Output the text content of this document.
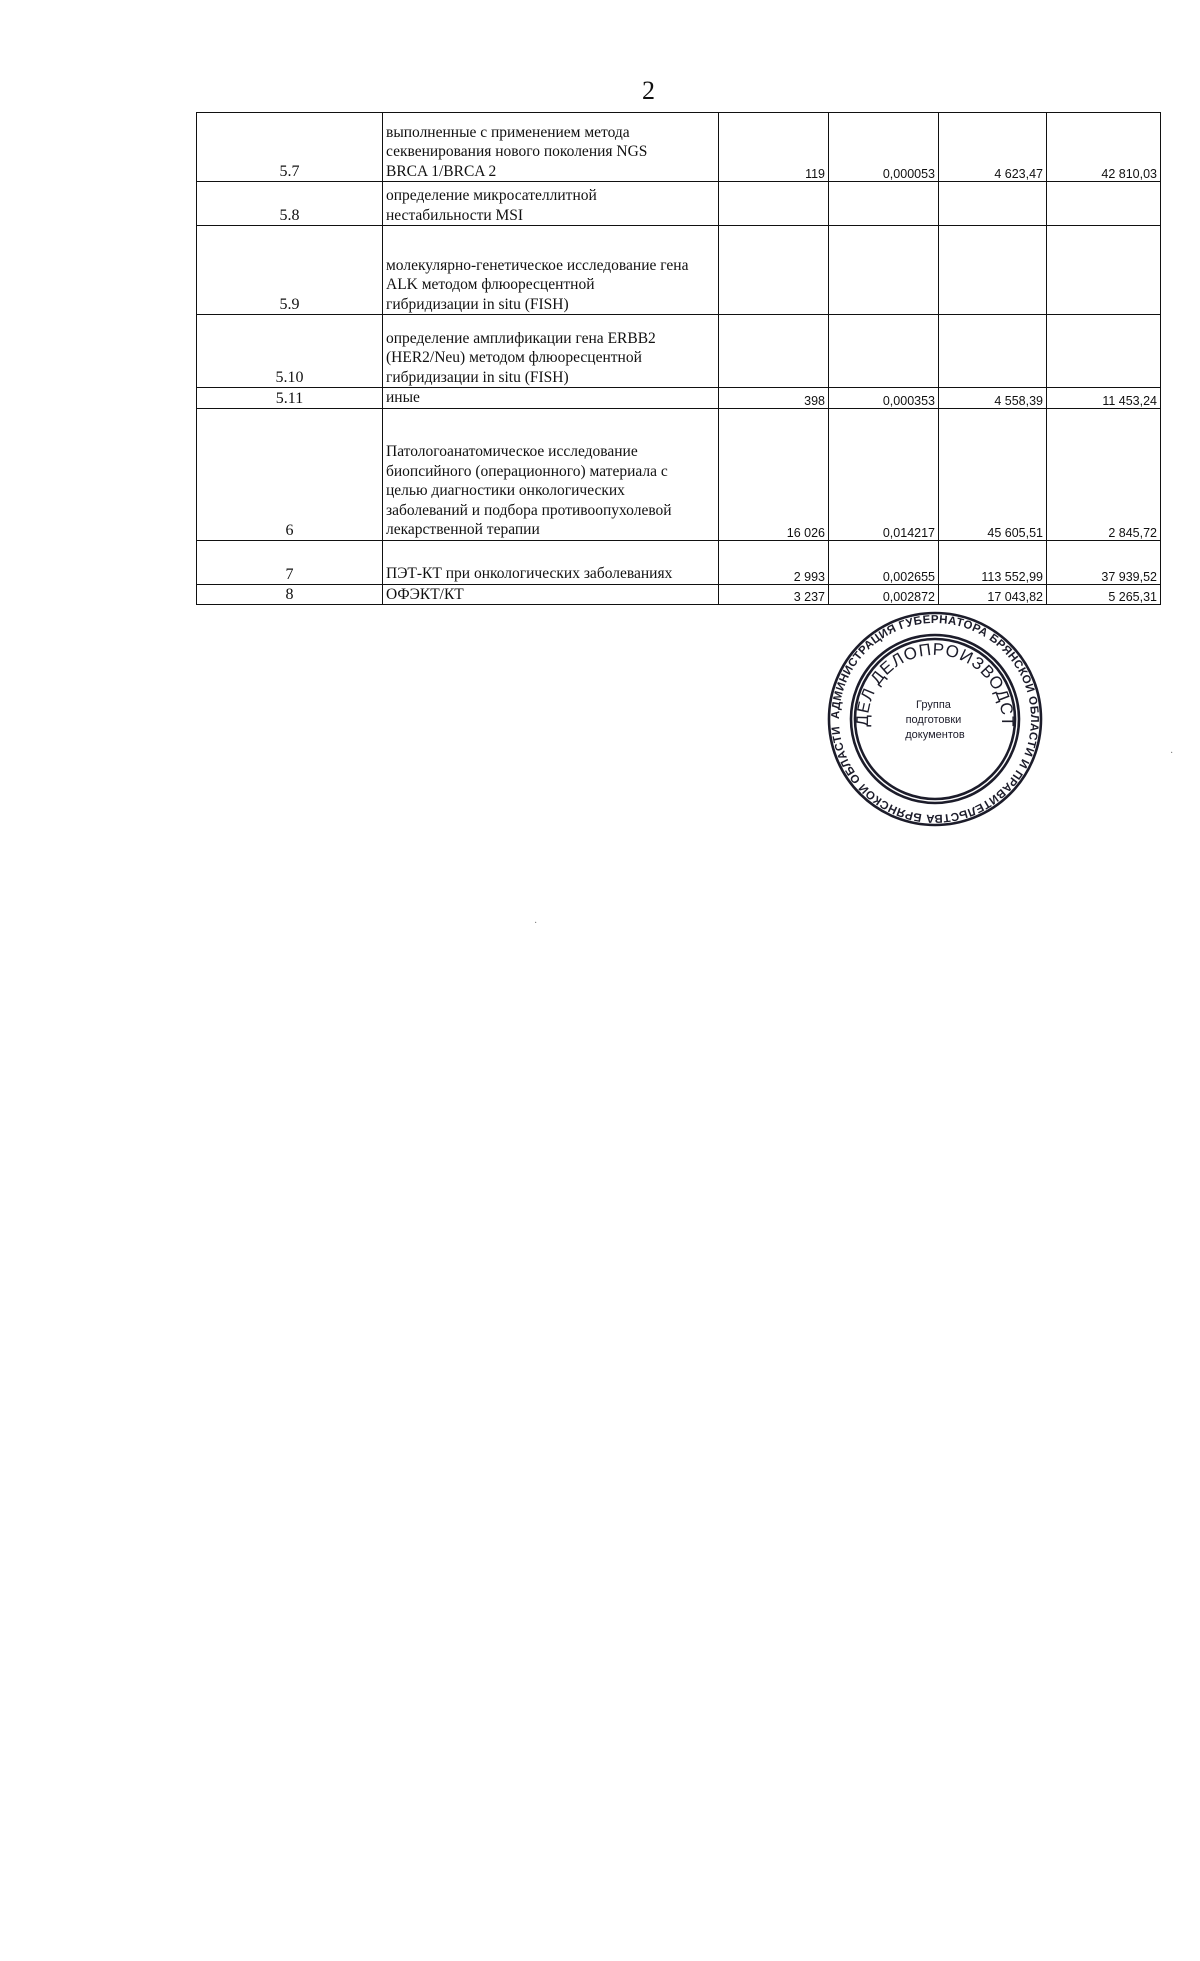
2
5.7	выполненные с применением метода
секвенирования нового поколения NGS
BRCA 1/BRCA 2	119	0,000053	4 623,47	42 810,03
5.8	определение микросателлитной
нестабильности MSI				
5.9	молекулярно-генетическое исследование гена
ALK методом флюоресцентной
гибридизации in situ (FISH)				
5.10	определение амплификации гена ERBB2
(HER2/Neu) методом флюоресцентной
гибридизации in situ (FISH)				
5.11	иные	398	0,000353	4 558,39	11 453,24
6	Патологоанатомическое исследование
биопсийного (операционного) материала с
целью диагностики онкологических
заболеваний и подбора противоопухолевой
лекарственной терапии	16 026	0,014217	45 605,51	2 845,72
7	ПЭТ-КТ при онкологических заболеваниях	2 993	0,002655	113 552,99	37 939,52
8	ОФЭКТ/КТ	3 237	0,002872	17 043,82	5 265,31
АДМИНИСТРАЦИЯ ГУБЕРНАТОРА БРЯНСКОЙ ОБЛАСТИ И ПРАВИТЕЛЬСТВА БРЯНСКОЙ ОБЛАСТИ
ДЕЛ ДЕЛОПРОИЗВОДСТ
Группа подготовки документов
·
·
